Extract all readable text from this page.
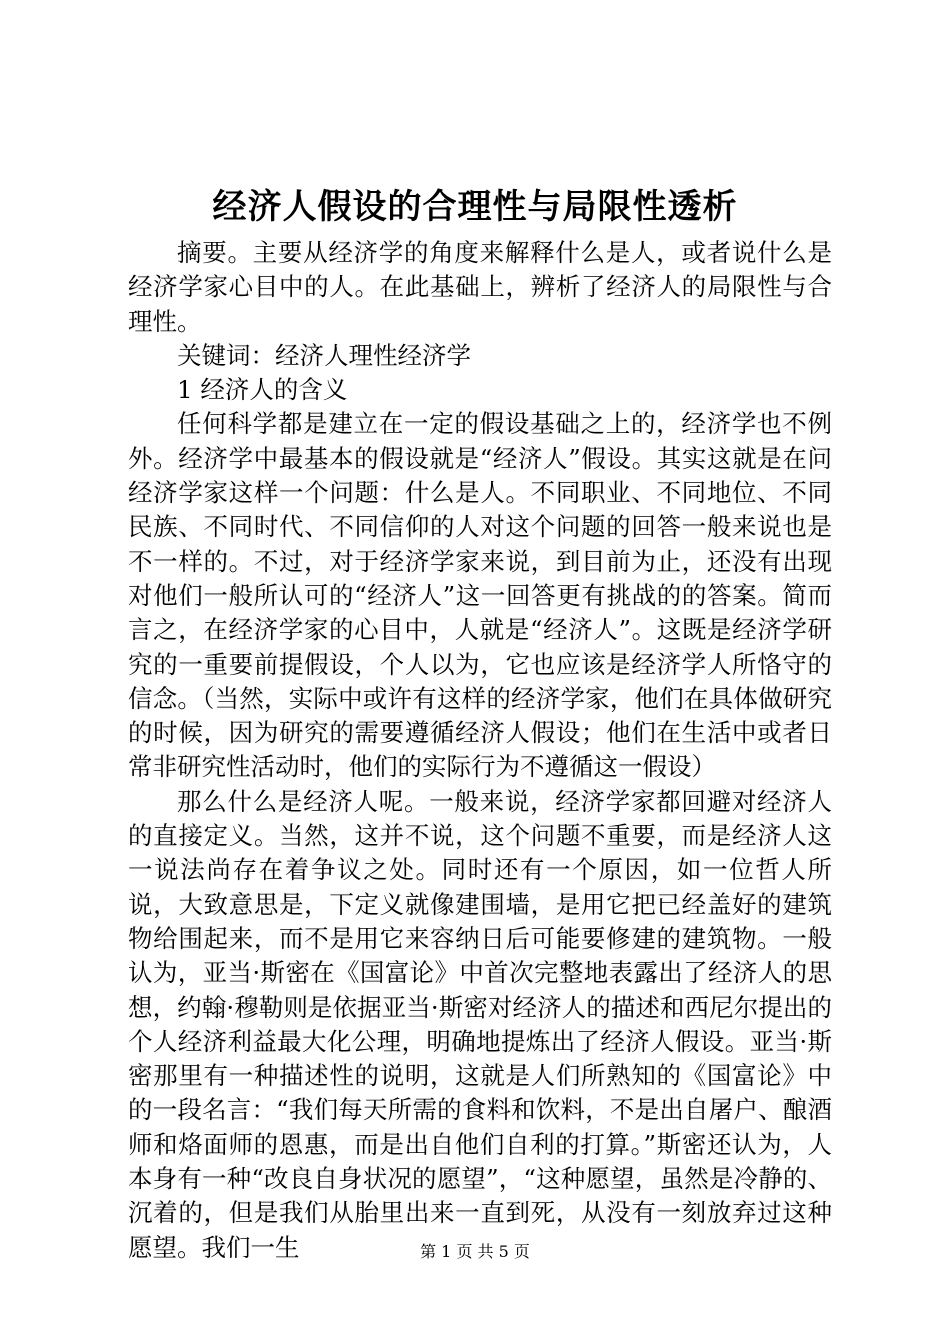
经济人假设的合理性与局限性透析

摘要。主要从经济学的角度来解释什么是人，或者说什么是经济学家心目中的人。在此基础上，辨析了经济人的局限性与合理性。

关键词：经济人理性经济学

1 经济人的含义

任何科学都是建立在一定的假设基础之上的，经济学也不例外。经济学中最基本的假设就是“经济人”假设。其实这就是在问经济学家这样一个问题：什么是人。不同职业、不同地位、不同民族、不同时代、不同信仰的人对这个问题的回答一般来说也是不一样的。不过，对于经济学家来说，到目前为止，还没有出现对他们一般所认可的“经济人”这一回答更有挑战的的答案。简而言之，在经济学家的心目中，人就是“经济人”。这既是经济学研究的一重要前提假设，个人以为，它也应该是经济学人所恪守的信念。（当然，实际中或许有这样的经济学家，他们在具体做研究的时候，因为研究的需要遵循经济人假设；他们在生活中或者日常非研究性活动时，他们的实际行为不遵循这一假设）

那么什么是经济人呢。一般来说，经济学家都回避对经济人的直接定义。当然，这并不说，这个问题不重要，而是经济人这一说法尚存在着争议之处。同时还有一个原因，如一位哲人所说，大致意思是，下定义就像建围墙，是用它把已经盖好的建筑物给围起来，而不是用它来容纳日后可能要修建的建筑物。一般认为，亚当·斯密在《国富论》中首次完整地表露出了经济人的思想，约翰·穆勒则是依据亚当·斯密对经济人的描述和西尼尔提出的个人经济利益最大化公理，明确地提炼出了经济人假设。亚当·斯密那里有一种描述性的说明，这就是人们所熟知的《国富论》中的一段名言：“我们每天所需的食料和饮料，不是出自屠户、酿酒师和烙面师的恩惠，而是出自他们自利的打算。”斯密还认为，人本身有一种“改良自身状况的愿望”，“这种愿望，虽然是冷静的、沉着的，但是我们从胎里出来一直到死，从没有一刻放弃过这种愿望。我们一生	第 1 页 共 5 页
